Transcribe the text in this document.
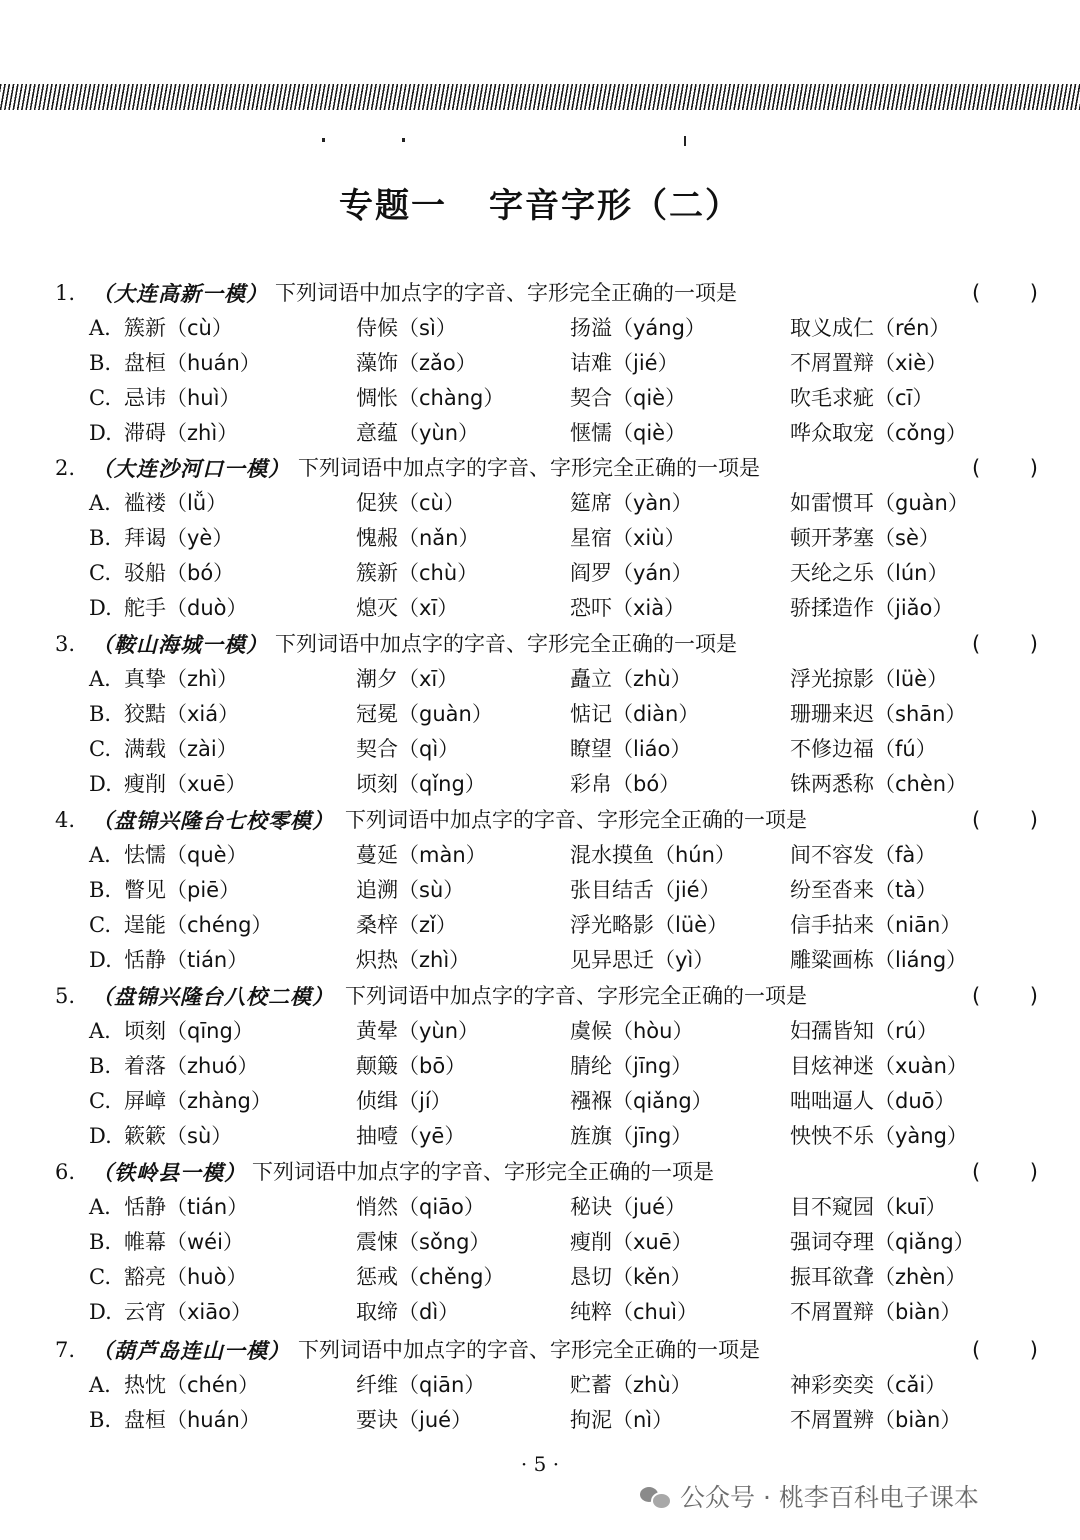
专题一 字音字形（二）
1. （大连高新一模） 下列词语中加点字的字音、字形完全正确的一项是	( )
A. 簇新（cù）	侍候（sì）	扬溢（yáng）	取义成仁（rén）
B. 盘桓（huán）	藻饰（zǎo）	诘难（jié）	不屑置辩（xiè）
C. 忌讳（huì）	惆怅（chàng）	契合（qiè）	吹毛求疵（cī）
D. 滞碍（zhì）	意蕴（yùn）	惬懦（qiè）	哗众取宠（cǒng）
2. （大连沙河口一模） 下列词语中加点字的字音、字形完全正确的一项是	( )
A. 褴褛（lǚ）	促狭（cù）	筵席（yàn）	如雷惯耳（guàn）
B. 拜谒（yè）	愧赧（nǎn）	星宿（xiù）	顿开茅塞（sè）
C. 驳船（bó）	簇新（chù）	阎罗（yán）	天纶之乐（lún）
D. 舵手（duò）	熄灭（xī）	恐吓（xià）	骄揉造作（jiǎo）
3. （鞍山海城一模） 下列词语中加点字的字音、字形完全正确的一项是	( )
A. 真挚（zhì）	潮夕（xī）	矗立（zhù）	浮光掠影（lüè）
B. 狡黠（xiá）	冠冕（guàn）	惦记（diàn）	珊珊来迟（shān）
C. 满载（zài）	契合（qì）	瞭望（liáo）	不修边福（fú）
D. 瘦削（xuē）	顷刻（qǐng）	彩帛（bó）	铢两悉称（chèn）
4. （盘锦兴隆台七校零模） 下列词语中加点字的字音、字形完全正确的一项是	( )
A. 怯懦（què）	蔓延（màn）	混水摸鱼（hún）	间不容发（fà）
B. 瞥见（piē）	追溯（sù）	张目结舌（jié）	纷至沓来（tà）
C. 逞能（chéng）	桑梓（zǐ）	浮光略影（lüè）	信手拈来（niān）
D. 恬静（tián）	炽热（zhì）	见异思迁（yì）	雕粱画栋（liáng）
5. （盘锦兴隆台八校二模） 下列词语中加点字的字音、字形完全正确的一项是	( )
A. 顷刻（qīng）	黄晕（yùn）	虞候（hòu）	妇孺皆知（rú）
B. 着落（zhuó）	颠簸（bō）	腈纶（jīng）	目炫神迷（xuàn）
C. 屏嶂（zhàng）	侦缉（jí）	襁褓（qiǎng）	咄咄逼人（duō）
D. 簌簌（sù）	抽噎（yē）	旌旗（jīng）	怏怏不乐（yàng）
6. （铁岭县一模） 下列词语中加点字的字音、字形完全正确的一项是	( )
A. 恬静（tián）	悄然（qiāo）	秘诀（jué）	目不窥园（kuī）
B. 帷幕（wéi）	震悚（sǒng）	瘦削（xuē）	强词夺理（qiǎng）
C. 豁亮（huò）	惩戒（chěng）	恳切（kěn）	振耳欲聋（zhèn）
D. 云宵（xiāo）	取缔（dì）	纯粹（chuì）	不屑置辩（biàn）
7. （葫芦岛连山一模） 下列词语中加点字的字音、字形完全正确的一项是	( )
A. 热忱（chén）	纤维（qiān）	贮蓄（zhù）	神彩奕奕（cǎi）
B. 盘桓（huán）	要诀（jué）	拘泥（nì）	不屑置辨（biàn）
· 5 ·
公众号 · 桃李百科电子课本
